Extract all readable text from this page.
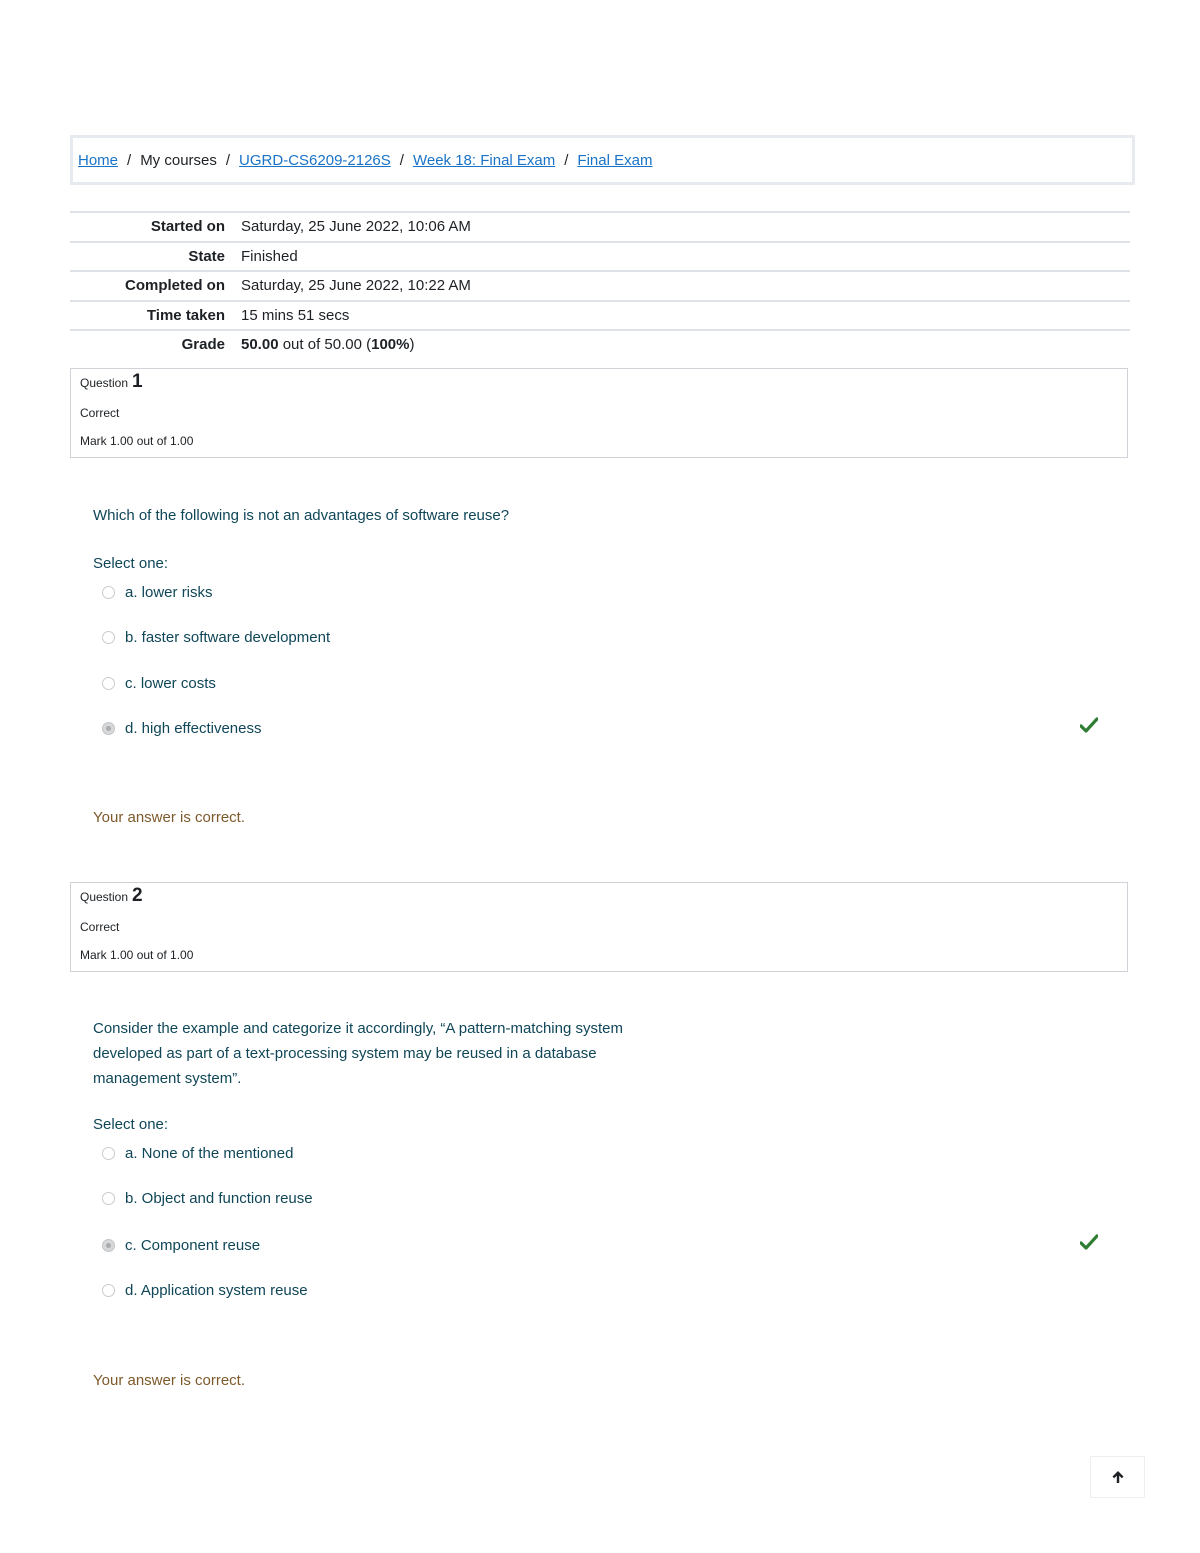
Home / My courses / UGRD-CS6209-2126S / Week 18: Final Exam / Final Exam
Started on Saturday, 25 June 2022, 10:06 AM
State Finished
Completed on Saturday, 25 June 2022, 10:22 AM
Time taken 15 mins 51 secs
Grade 50.00 out of 50.00 (100%)
Question 1
Correct
Mark 1.00 out of 1.00
Which of the following is not an advantages of software reuse?
Select one:
a. lower risks
b. faster software development
c. lower costs
d. high effectiveness
Your answer is correct.
Question 2
Correct
Mark 1.00 out of 1.00
Consider the example and categorize it accordingly, “A pattern-matching system
developed as part of a text-processing system may be reused in a database
management system”.
Select one:
a. None of the mentioned
b. Object and function reuse
c. Component reuse
d. Application system reuse
Your answer is correct.
